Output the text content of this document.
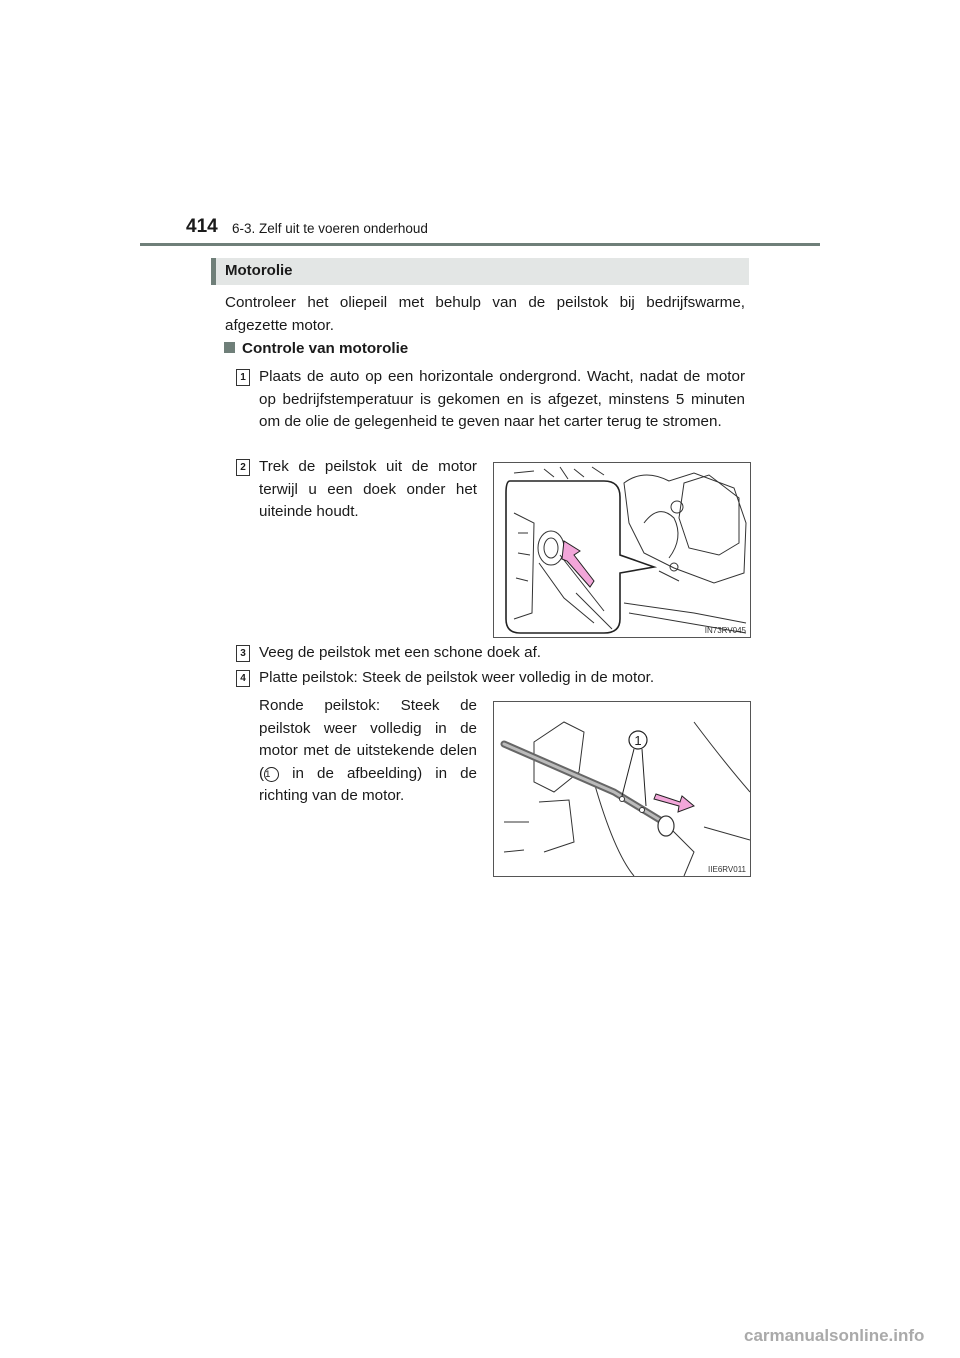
414 6-3. Zelf uit te voeren onderhoud
Motorolie
Controleer het oliepeil met behulp van de peilstok bij bedrijfswarme, afgezette motor.
Controle van motorolie
1 Plaats de auto op een horizontale ondergrond. Wacht, nadat de motor op bedrijfstemperatuur is gekomen en is afgezet, minstens 5 minuten om de olie de gelegenheid te geven naar het carter terug te stromen.
2 Trek de peilstok uit de motor terwijl u een doek onder het uiteinde houdt.
IN73RV045
3 Veeg de peilstok met een schone doek af.
4 Platte peilstok: Steek de peilstok weer volledig in de motor.
Ronde peilstok: Steek de peilstok weer volledig in de motor met de uitstekende delen (1 in de afbeelding) in de richting van de motor.
1
IIE6RV011
carmanualsonline.info
